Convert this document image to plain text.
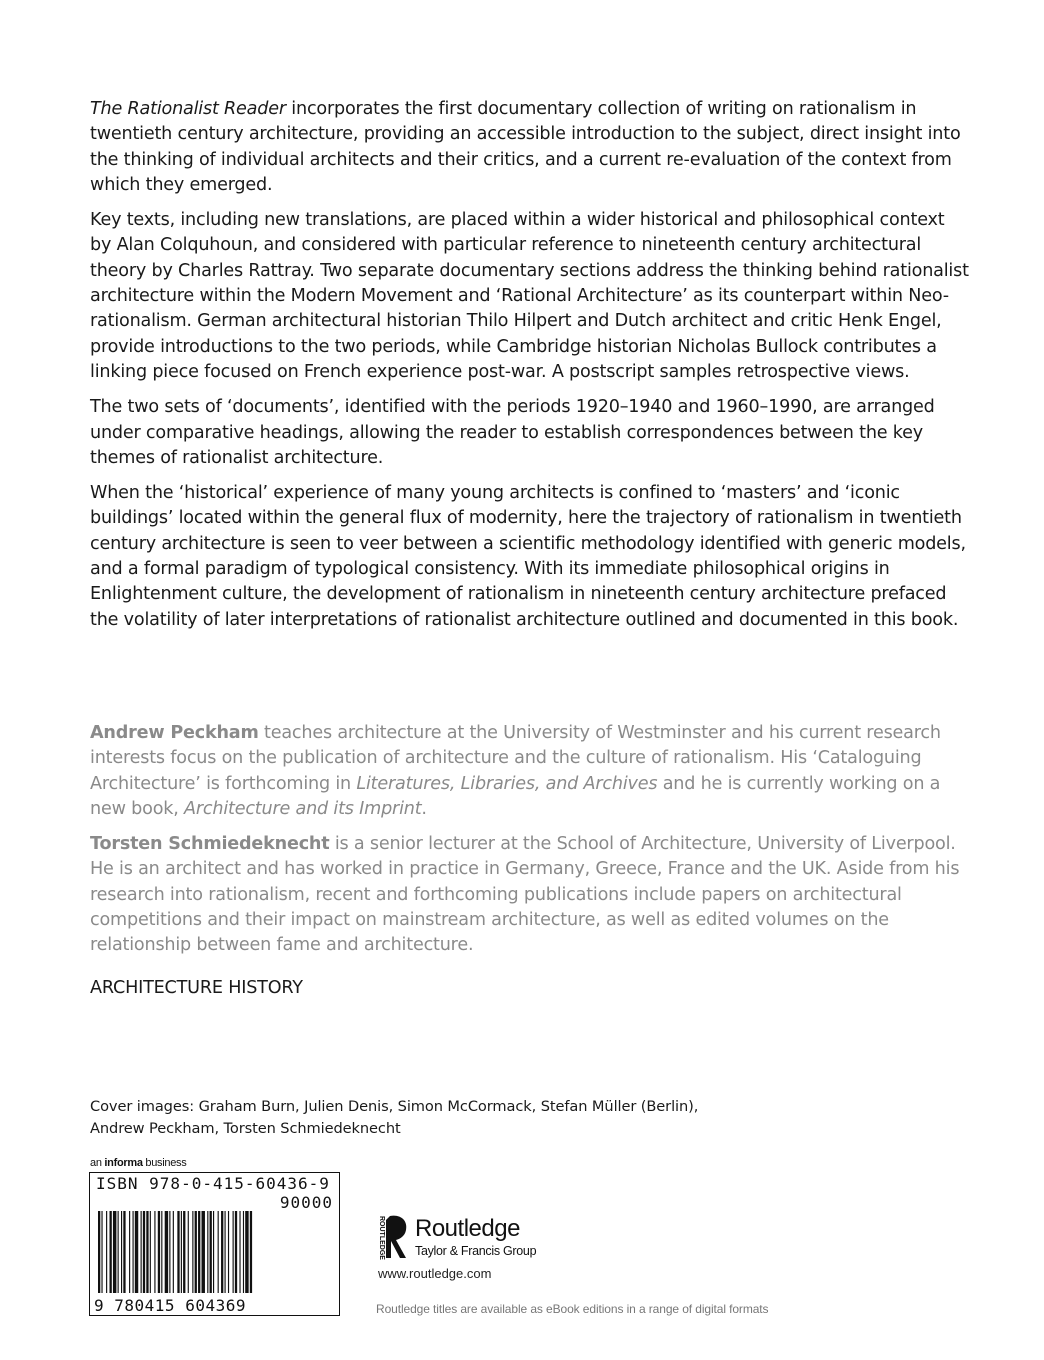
The Rationalist Reader incorporates the first documentary collection of writing on rationalism in twentieth century architecture, providing an accessible introduction to the subject, direct insight into the thinking of individual architects and their critics, and a current re-evaluation of the context from which they emerged.

Key texts, including new translations, are placed within a wider historical and philosophical context by Alan Colquhoun, and considered with particular reference to nineteenth century architectural theory by Charles Rattray. Two separate documentary sections address the thinking behind rationalist architecture within the Modern Movement and ‘Rational Architecture’ as its counterpart within Neo-rationalism. German architectural historian Thilo Hilpert and Dutch architect and critic Henk Engel, provide introductions to the two periods, while Cambridge historian Nicholas Bullock contributes a linking piece focused on French experience post-war. A postscript samples retrospective views.

The two sets of ‘documents’, identified with the periods 1920–1940 and 1960–1990, are arranged under comparative headings, allowing the reader to establish correspondences between the key themes of rationalist architecture.

When the ‘historical’ experience of many young architects is confined to ‘masters’ and ‘iconic buildings’ located within the general flux of modernity, here the trajectory of rationalism in twentieth century architecture is seen to veer between a scientific methodology identified with generic models, and a formal paradigm of typological consistency. With its immediate philosophical origins in Enlightenment culture, the development of rationalism in nineteenth century architecture prefaced the volatility of later interpretations of rationalist architecture outlined and documented in this book.

Andrew Peckham teaches architecture at the University of Westminster and his current research interests focus on the publication of architecture and the culture of rationalism. His ‘Cataloguing Architecture’ is forthcoming in Literatures, Libraries, and Archives and he is currently working on a new book, Architecture and its Imprint.

Torsten Schmiedeknecht is a senior lecturer at the School of Architecture, University of Liverpool. He is an architect and has worked in practice in Germany, Greece, France and the UK. Aside from his research into rationalism, recent and forthcoming publications include papers on architectural competitions and their impact on mainstream architecture, as well as edited volumes on the relationship between fame and architecture.

ARCHITECTURE HISTORY
Cover images: Graham Burn, Julien Denis, Simon McCormack, Stefan Müller (Berlin),
Andrew Peckham, Torsten Schmiedeknecht
an informa business
ISBN 978-0-415-60436-9
90000
9 780415 604369
ROUTLEDGE Routledge
Taylor & Francis Group
www.routledge.com
Routledge titles are available as eBook editions in a range of digital formats
